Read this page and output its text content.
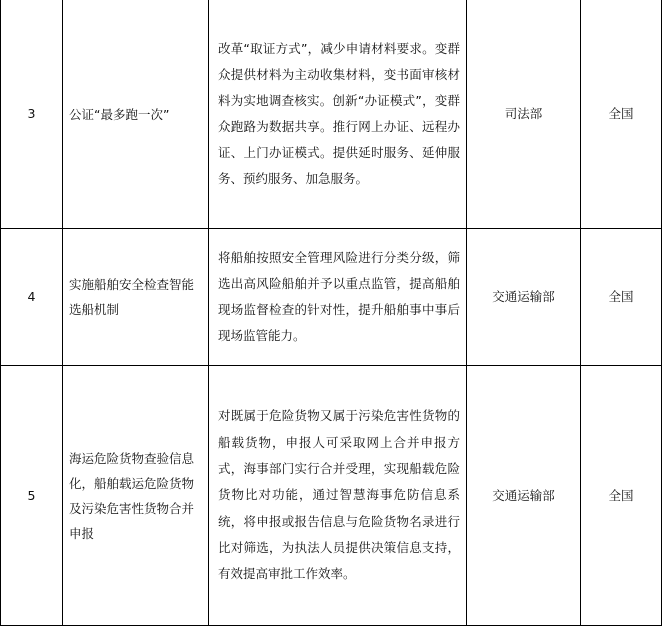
3	公证“最多跑一次”	改革“取证方式”，减少申请材料要求。变群众提供材料为主动收集材料，变书面审核材料为实地调查核实。创新“办证模式”，变群众跑路为数据共享。推行网上办证、远程办证、上门办证模式。提供延时服务、延伸服务、预约服务、加急服务。	司法部	全国
4	实施船舶安全检查智能选船机制	将船舶按照安全管理风险进行分类分级，筛选出高风险船舶并予以重点监管，提高船舶现场监督检查的针对性，提升船舶事中事后现场监管能力。	交通运输部	全国
5	海运危险货物查验信息化，船舶载运危险货物及污染危害性货物合并申报	对既属于危险货物又属于污染危害性货物的船载货物，申报人可采取网上合并申报方式，海事部门实行合并受理，实现船载危险货物比对功能，通过智慧海事危防信息系统，将申报或报告信息与危险货物名录进行比对筛选，为执法人员提供决策信息支持，有效提高审批工作效率。	交通运输部	全国
